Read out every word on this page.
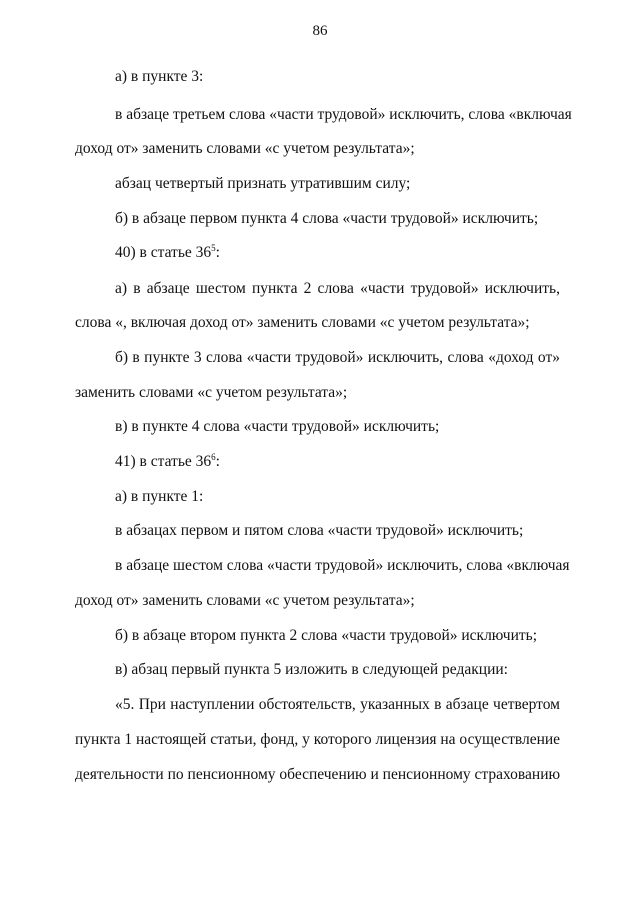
86
а) в пункте 3:
в абзаце третьем слова «части трудовой» исключить, слова «включая
доход от» заменить словами «с учетом результата»;
абзац четвертый признать утратившим силу;
б) в абзаце первом пункта 4 слова «части трудовой» исключить;
40) в статье $36^5$:
а) в абзаце шестом пункта 2 слова «части трудовой» исключить,
слова «, включая доход от» заменить словами «с учетом результата»;
б) в пункте 3 слова «части трудовой» исключить, слова «доход от»
заменить словами «с учетом результата»;
в) в пункте 4 слова «части трудовой» исключить;
41) в статье $36^6$:
а) в пункте 1:
в абзацах первом и пятом слова «части трудовой» исключить;
в абзаце шестом слова «части трудовой» исключить, слова «включая
доход от» заменить словами «с учетом результата»;
б) в абзаце втором пункта 2 слова «части трудовой» исключить;
в) абзац первый пункта 5 изложить в следующей редакции:
«5. При наступлении обстоятельств, указанных в абзаце четвертом
пункта 1 настоящей статьи, фонд, у которого лицензия на осуществление
деятельности по пенсионному обеспечению и пенсионному страхованию
